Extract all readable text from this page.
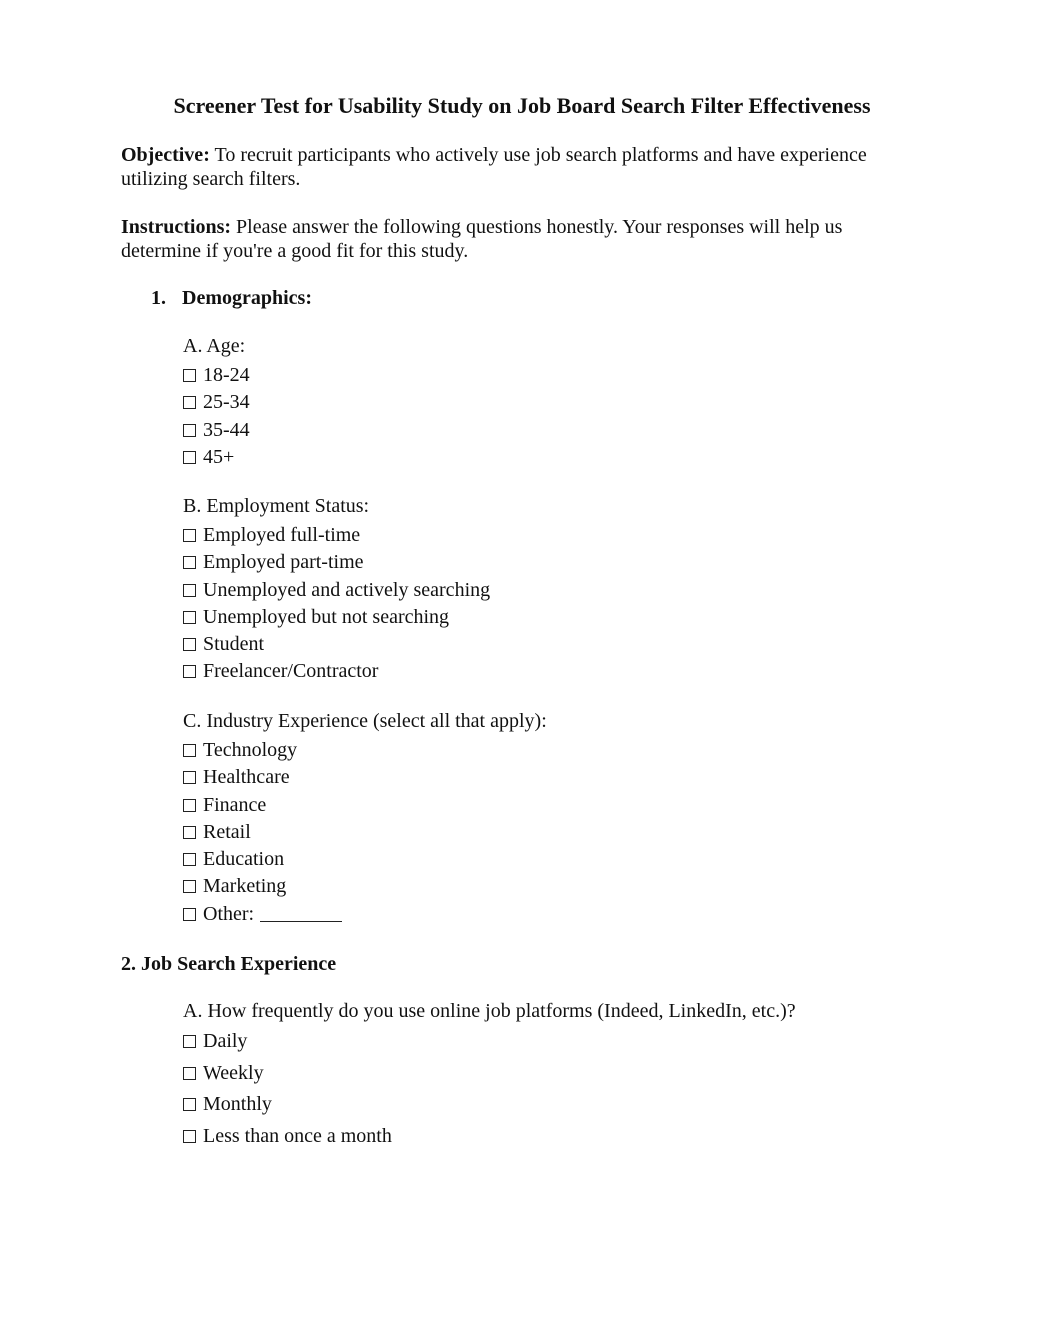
Screener Test for Usability Study on Job Board Search Filter Effectiveness

Objective: To recruit participants who actively use job search platforms and have experience utilizing search filters.

Instructions: Please answer the following questions honestly. Your responses will help us determine if you're a good fit for this study.

1. Demographics:
A. Age:
18-24
25-34
35-44
45+
B. Employment Status:
Employed full-time
Employed part-time
Unemployed and actively searching
Unemployed but not searching
Student
Freelancer/Contractor
C. Industry Experience (select all that apply):
Technology
Healthcare
Finance
Retail
Education
Marketing
Other:
2. Job Search Experience
A. How frequently do you use online job platforms (Indeed, LinkedIn, etc.)?
Daily
Weekly
Monthly
Less than once a month
